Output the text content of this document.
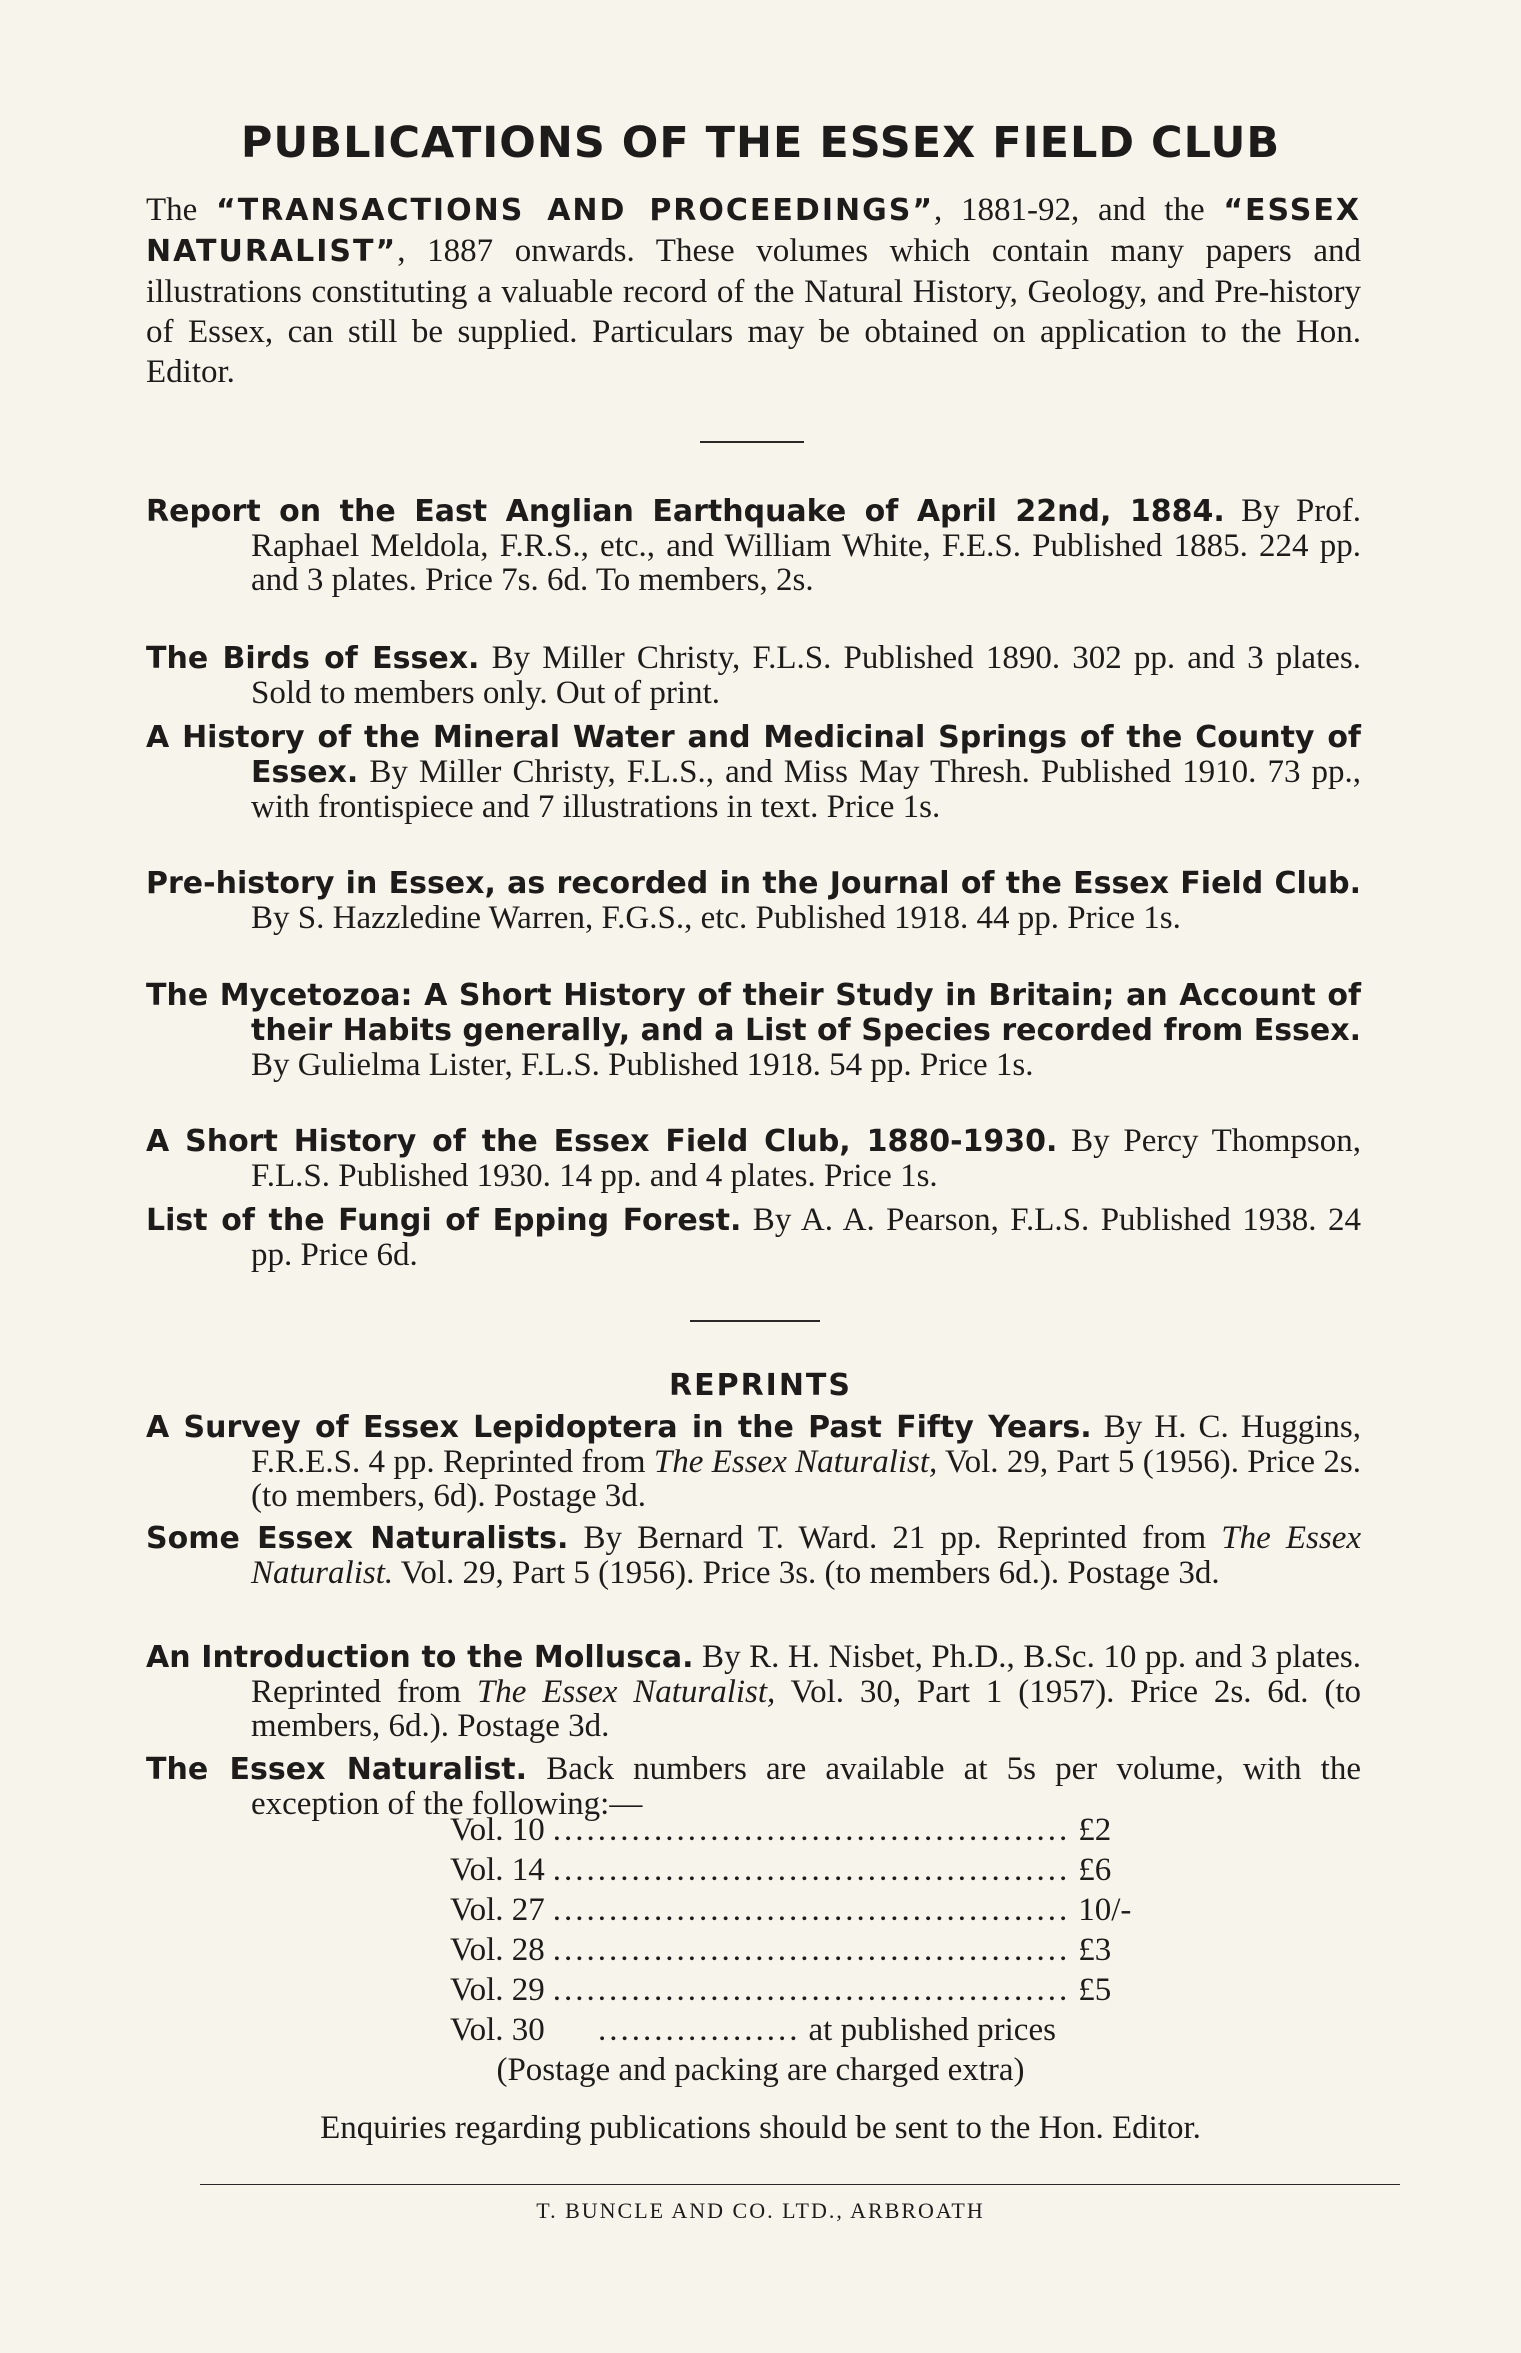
PUBLICATIONS OF THE ESSEX FIELD CLUB
The “TRANSACTIONS AND PROCEEDINGS”, 1881-92, and the “ESSEX NATURALIST”, 1887 onwards. These volumes which contain many papers and illustrations constituting a valuable record of the Natural History, Geology, and Pre-history of Essex, can still be supplied. Particulars may be obtained on application to the Hon. Editor.
Report on the East Anglian Earthquake of April 22nd, 1884. By Prof. Raphael Meldola, F.R.S., etc., and William White, F.E.S. Published 1885. 224 pp. and 3 plates. Price 7s. 6d. To members, 2s.
The Birds of Essex. By Miller Christy, F.L.S. Published 1890. 302 pp. and 3 plates. Sold to members only. Out of print.
A History of the Mineral Water and Medicinal Springs of the County of Essex. By Miller Christy, F.L.S., and Miss May Thresh. Published 1910. 73 pp., with frontispiece and 7 illustrations in text. Price 1s.
Pre-history in Essex, as recorded in the Journal of the Essex Field Club. By S. Hazzledine Warren, F.G.S., etc. Published 1918. 44 pp. Price 1s.
The Mycetozoa: A Short History of their Study in Britain; an Account of their Habits generally, and a List of Species recorded from Essex. By Gulielma Lister, F.L.S. Published 1918. 54 pp. Price 1s.
A Short History of the Essex Field Club, 1880-1930. By Percy Thompson, F.L.S. Published 1930. 14 pp. and 4 plates. Price 1s.
List of the Fungi of Epping Forest. By A. A. Pearson, F.L.S. Published 1938. 24 pp. Price 6d.
REPRINTS
A Survey of Essex Lepidoptera in the Past Fifty Years. By H. C. Huggins, F.R.E.S. 4 pp. Reprinted from The Essex Naturalist, Vol. 29, Part 5 (1956). Price 2s. (to members, 6d). Postage 3d.
Some Essex Naturalists. By Bernard T. Ward. 21 pp. Reprinted from The Essex Naturalist. Vol. 29, Part 5 (1956). Price 3s. (to members 6d.). Postage 3d.
An Introduction to the Mollusca. By R. H. Nisbet, Ph.D., B.Sc. 10 pp. and 3 plates. Reprinted from The Essex Naturalist, Vol. 30, Part 1 (1957). Price 2s. 6d. (to members, 6d.). Postage 3d.
The Essex Naturalist. Back numbers are available at 5s per volume, with the exception of the following:—
Vol. 10 .............................................. £2
Vol. 14 .............................................. £6
Vol. 27 .............................................. 10/-
Vol. 28 .............................................. £3
Vol. 29 .............................................. £5
Vol. 30	.................. at published prices
(Postage and packing are charged extra)
Enquiries regarding publications should be sent to the Hon. Editor.
T. BUNCLE AND CO. LTD., ARBROATH
